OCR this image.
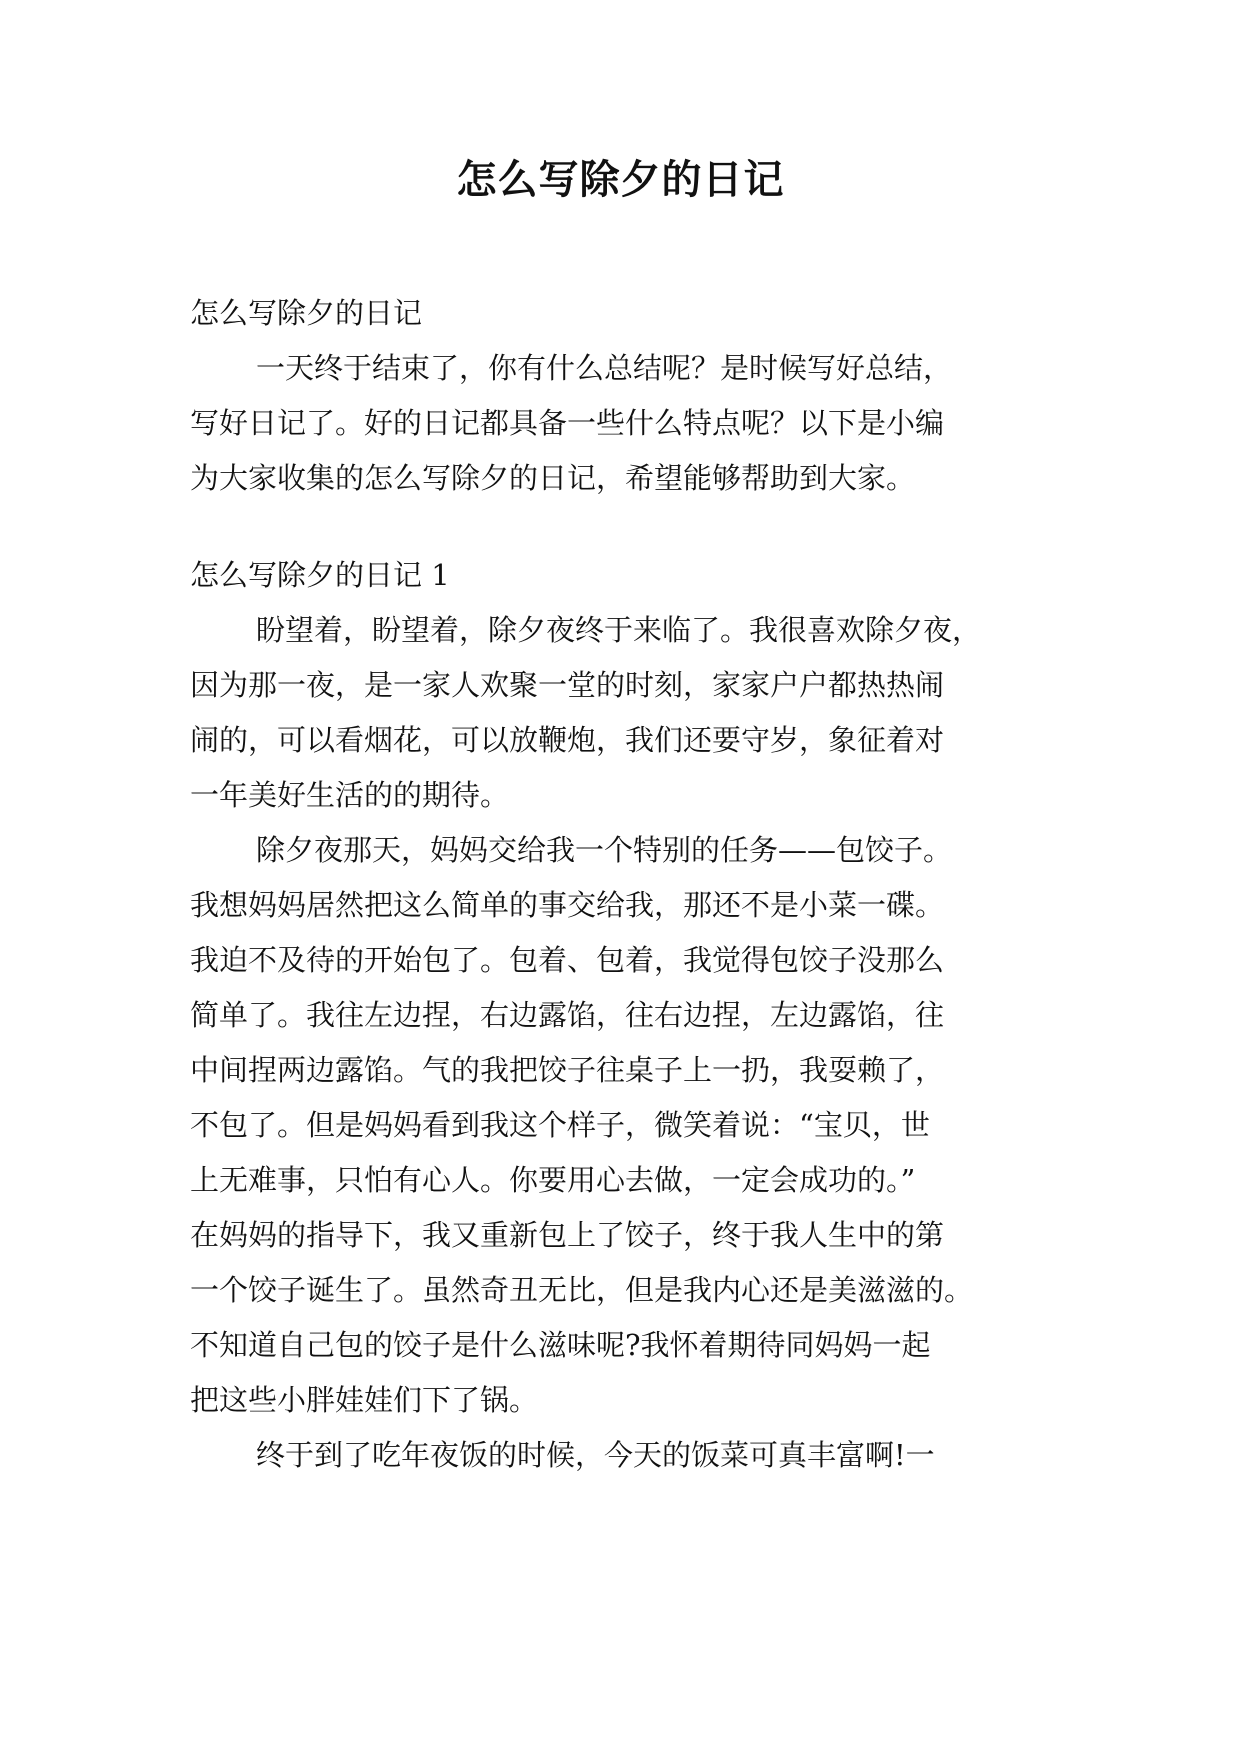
怎么写除夕的日记

怎么写除夕的日记

一天终于结束了，你有什么总结呢？是时候写好总结，

写好日记了。好的日记都具备一些什么特点呢？以下是小编

为大家收集的怎么写除夕的日记，希望能够帮助到大家。

怎么写除夕的日记 1

盼望着，盼望着，除夕夜终于来临了。我很喜欢除夕夜，

因为那一夜，是一家人欢聚一堂的时刻，家家户户都热热闹

闹的，可以看烟花，可以放鞭炮，我们还要守岁，象征着对

一年美好生活的的期待。

除夕夜那天，妈妈交给我一个特别的任务——包饺子。

我想妈妈居然把这么简单的事交给我，那还不是小菜一碟。

我迫不及待的开始包了。包着、包着，我觉得包饺子没那么

简单了。我往左边捏，右边露馅，往右边捏，左边露馅，往

中间捏两边露馅。气的我把饺子往桌子上一扔，我耍赖了，

不包了。但是妈妈看到我这个样子，微笑着说：“宝贝，世

上无难事，只怕有心人。你要用心去做，一定会成功的。”

在妈妈的指导下，我又重新包上了饺子，终于我人生中的第

一个饺子诞生了。虽然奇丑无比，但是我内心还是美滋滋的。

不知道自己包的饺子是什么滋味呢?我怀着期待同妈妈一起

把这些小胖娃娃们下了锅。

终于到了吃年夜饭的时候，今天的饭菜可真丰富啊!一
